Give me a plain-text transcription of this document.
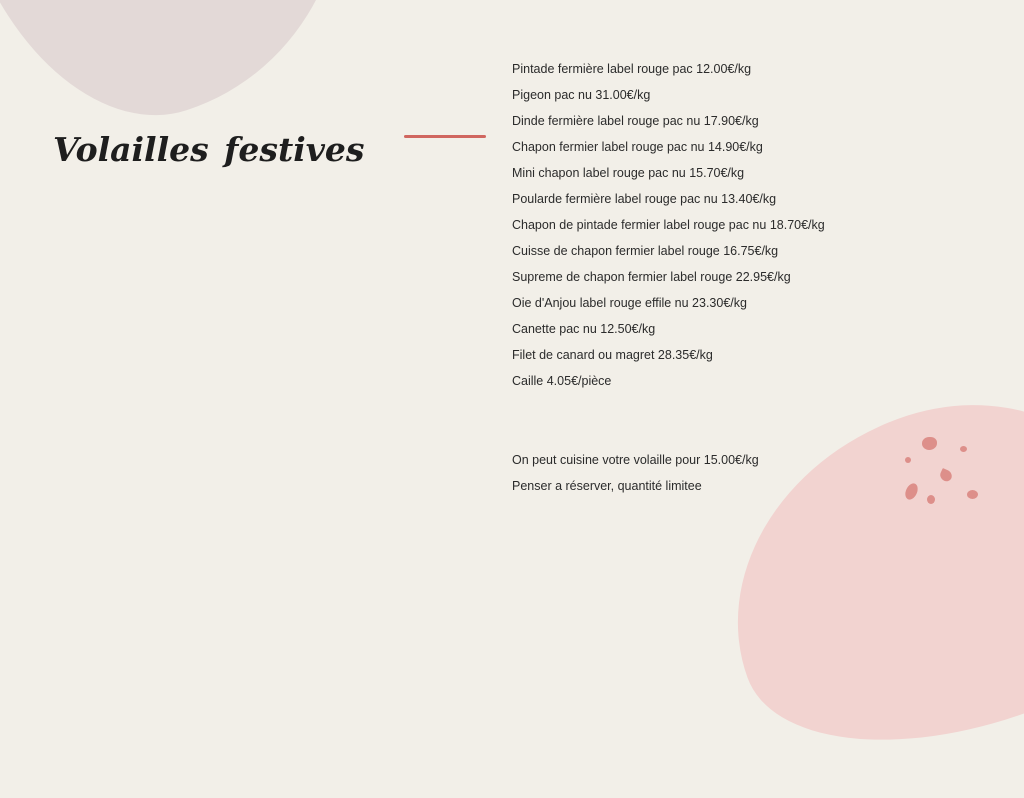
Volailles festives
Pintade fermière label rouge pac 12.00€/kg
Pigeon pac nu 31.00€/kg
Dinde fermière label rouge pac nu 17.90€/kg
Chapon fermier label rouge pac nu 14.90€/kg
Mini chapon label rouge pac nu 15.70€/kg
Poularde fermière label rouge pac nu 13.40€/kg
Chapon de pintade fermier label rouge pac nu 18.70€/kg
Cuisse de chapon fermier label rouge 16.75€/kg
Supreme de chapon fermier label rouge 22.95€/kg
Oie d'Anjou label rouge effile nu 23.30€/kg
Canette pac nu 12.50€/kg
Filet de canard ou magret 28.35€/kg
Caille 4.05€/pièce
On peut cuisine votre volaille pour 15.00€/kg
Penser a réserver, quantité limitee
